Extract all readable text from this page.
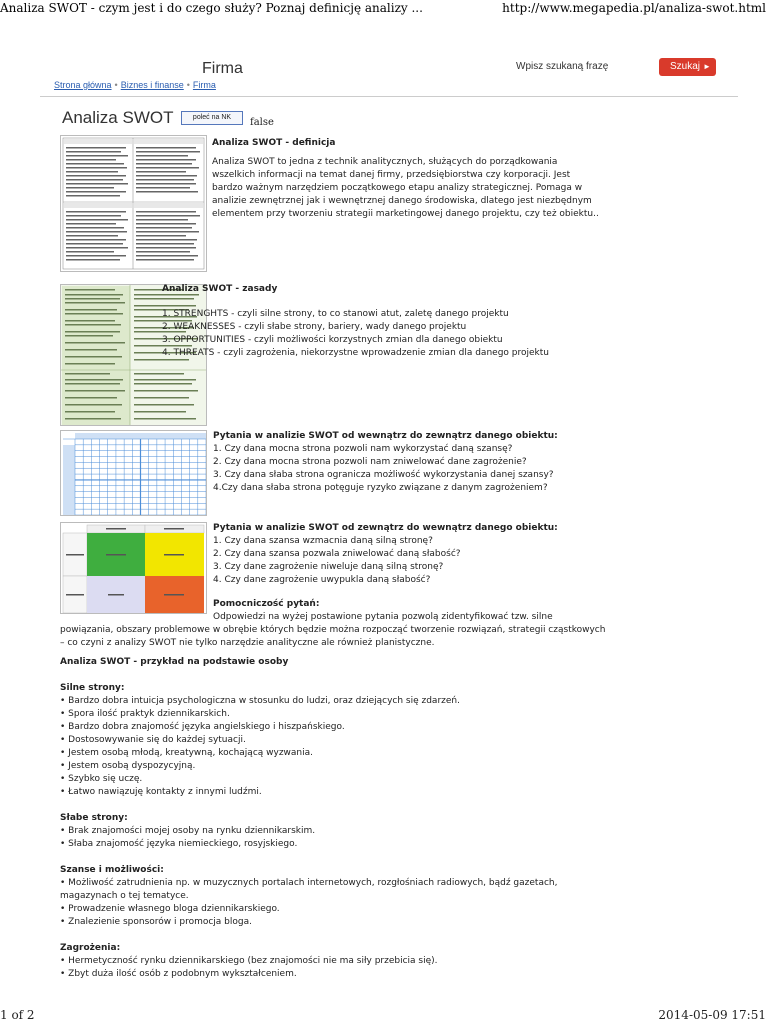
Analiza SWOT - czym jest i do czego służy? Poznaj definicję analizy ...	http://www.megapedia.pl/analiza-swot.html
Firma	Wpisz szukaną frazę	Szukaj ►
Strona główna • Biznes i finanse • Firma
Analiza SWOT	poleć na NK	false
Analiza SWOT - definicja
Analiza SWOT to jedna z technik analitycznych, służących do porządkowania
wszelkich informacji na temat danej firmy, przedsiębiorstwa czy korporacji. Jest
bardzo ważnym narzędziem początkowego etapu analizy strategicznej. Pomaga w
analizie zewnętrznej jak i wewnętrznej danego środowiska, dlatego jest niezbędnym
elementem przy tworzeniu strategii marketingowej danego projektu, czy też obiektu..
Analiza SWOT - zasady
1. STRENGHTS - czyli silne strony, to co stanowi atut, zaletę danego projektu
2. WEAKNESSES - czyli słabe strony, bariery, wady danego projektu
3. OPPORTUNITIES - czyli możliwości korzystnych zmian dla danego obiektu
4. THREATS - czyli zagrożenia, niekorzystne wprowadzenie zmian dla danego projektu
Pytania w analizie SWOT od wewnątrz do zewnątrz danego obiektu:
1. Czy dana mocna strona pozwoli nam wykorzystać daną szansę?
2. Czy dana mocna strona pozwoli nam zniwelować dane zagrożenie?
3. Czy dana słaba strona ogranicza możliwość wykorzystania danej szansy?
4.Czy dana słaba strona potęguje ryzyko związane z danym zagrożeniem?
Pytania w analizie SWOT od zewnątrz do wewnątrz danego obiektu:
1. Czy dana szansa wzmacnia daną silną stronę?
2. Czy dana szansa pozwala zniwelować daną słabość?
3. Czy dane zagrożenie niweluje daną silną stronę?
4. Czy dane zagrożenie uwypukla daną słabość?
Pomocniczość pytań:
Odpowiedzi na wyżej postawione pytania pozwolą zidentyfikować tzw. silne
powiązania, obszary problemowe w obrębie których będzie można rozpocząć tworzenie rozwiązań, strategii cząstkowych
– co czyni z analizy SWOT nie tylko narzędzie analityczne ale również planistyczne.
Analiza SWOT - przykład na podstawie osoby
Silne strony:
• Bardzo dobra intuicja psychologiczna w stosunku do ludzi, oraz dziejących się zdarzeń.
• Spora ilość praktyk dziennikarskich.
• Bardzo dobra znajomość języka angielskiego i hiszpańskiego.
• Dostosowywanie się do każdej sytuacji.
• Jestem osobą młodą, kreatywną, kochającą wyzwania.
• Jestem osobą dyspozycyjną.
• Szybko się uczę.
• Łatwo nawiązuję kontakty z innymi ludźmi.
Słabe strony:
• Brak znajomości mojej osoby na rynku dziennikarskim.
• Słaba znajomość języka niemieckiego, rosyjskiego.
Szanse i możliwości:
• Możliwość zatrudnienia np. w muzycznych portalach internetowych, rozgłośniach radiowych, bądź gazetach,
magazynach o tej tematyce.
• Prowadzenie własnego bloga dziennikarskiego.
• Znalezienie sponsorów i promocja bloga.
Zagrożenia:
• Hermetyczność rynku dziennikarskiego (bez znajomości nie ma siły przebicia się).
• Zbyt duża ilość osób z podobnym wykształceniem.
1 of 2	2014-05-09 17:51
